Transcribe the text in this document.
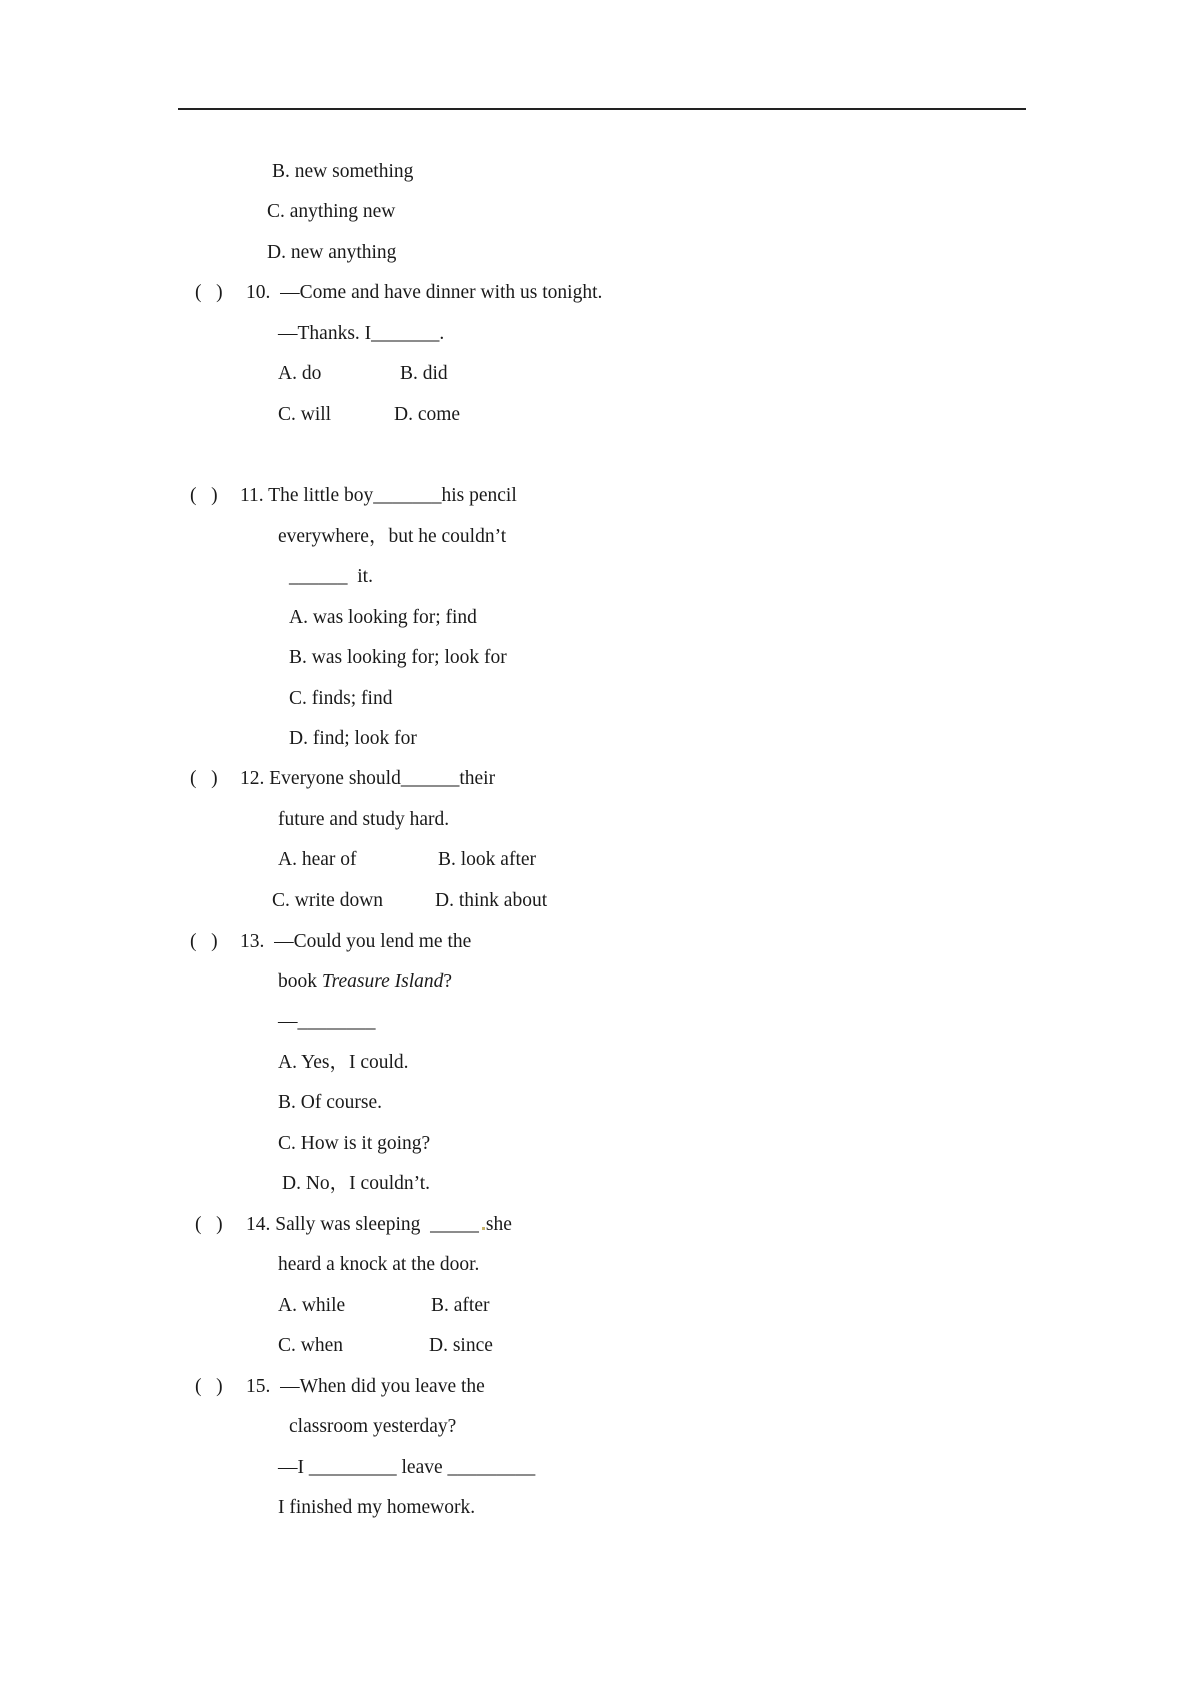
B. new something
C. anything new
D. new anything
(   ) 10.  —Come and have dinner with us tonight.
—Thanks. I_______.
A. do	B. did
C. will	D. come
(   ) 11. The little boy_______his pencil
everywhere，but he couldn’t
______  it.
A. was looking for; find
B. was looking for; look for
C. finds; find
D. find; look for
(   ) 12. Everyone should______their
future and study hard.
A. hear of	B. look after
C. write down	D. think about
(   ) 13.  —Could you lend me the
book Treasure Island?
—________
A. Yes，I could.
B. Of course.
C. How is it going?
D. No，I couldn’t.
(   ) 14. Sally was sleeping  _____ she
heard a knock at the door.
A. while	B. after
C. when	D. since
(   ) 15.  —When did you leave the
classroom yesterday?
—I _________ leave _________
I finished my homework.
